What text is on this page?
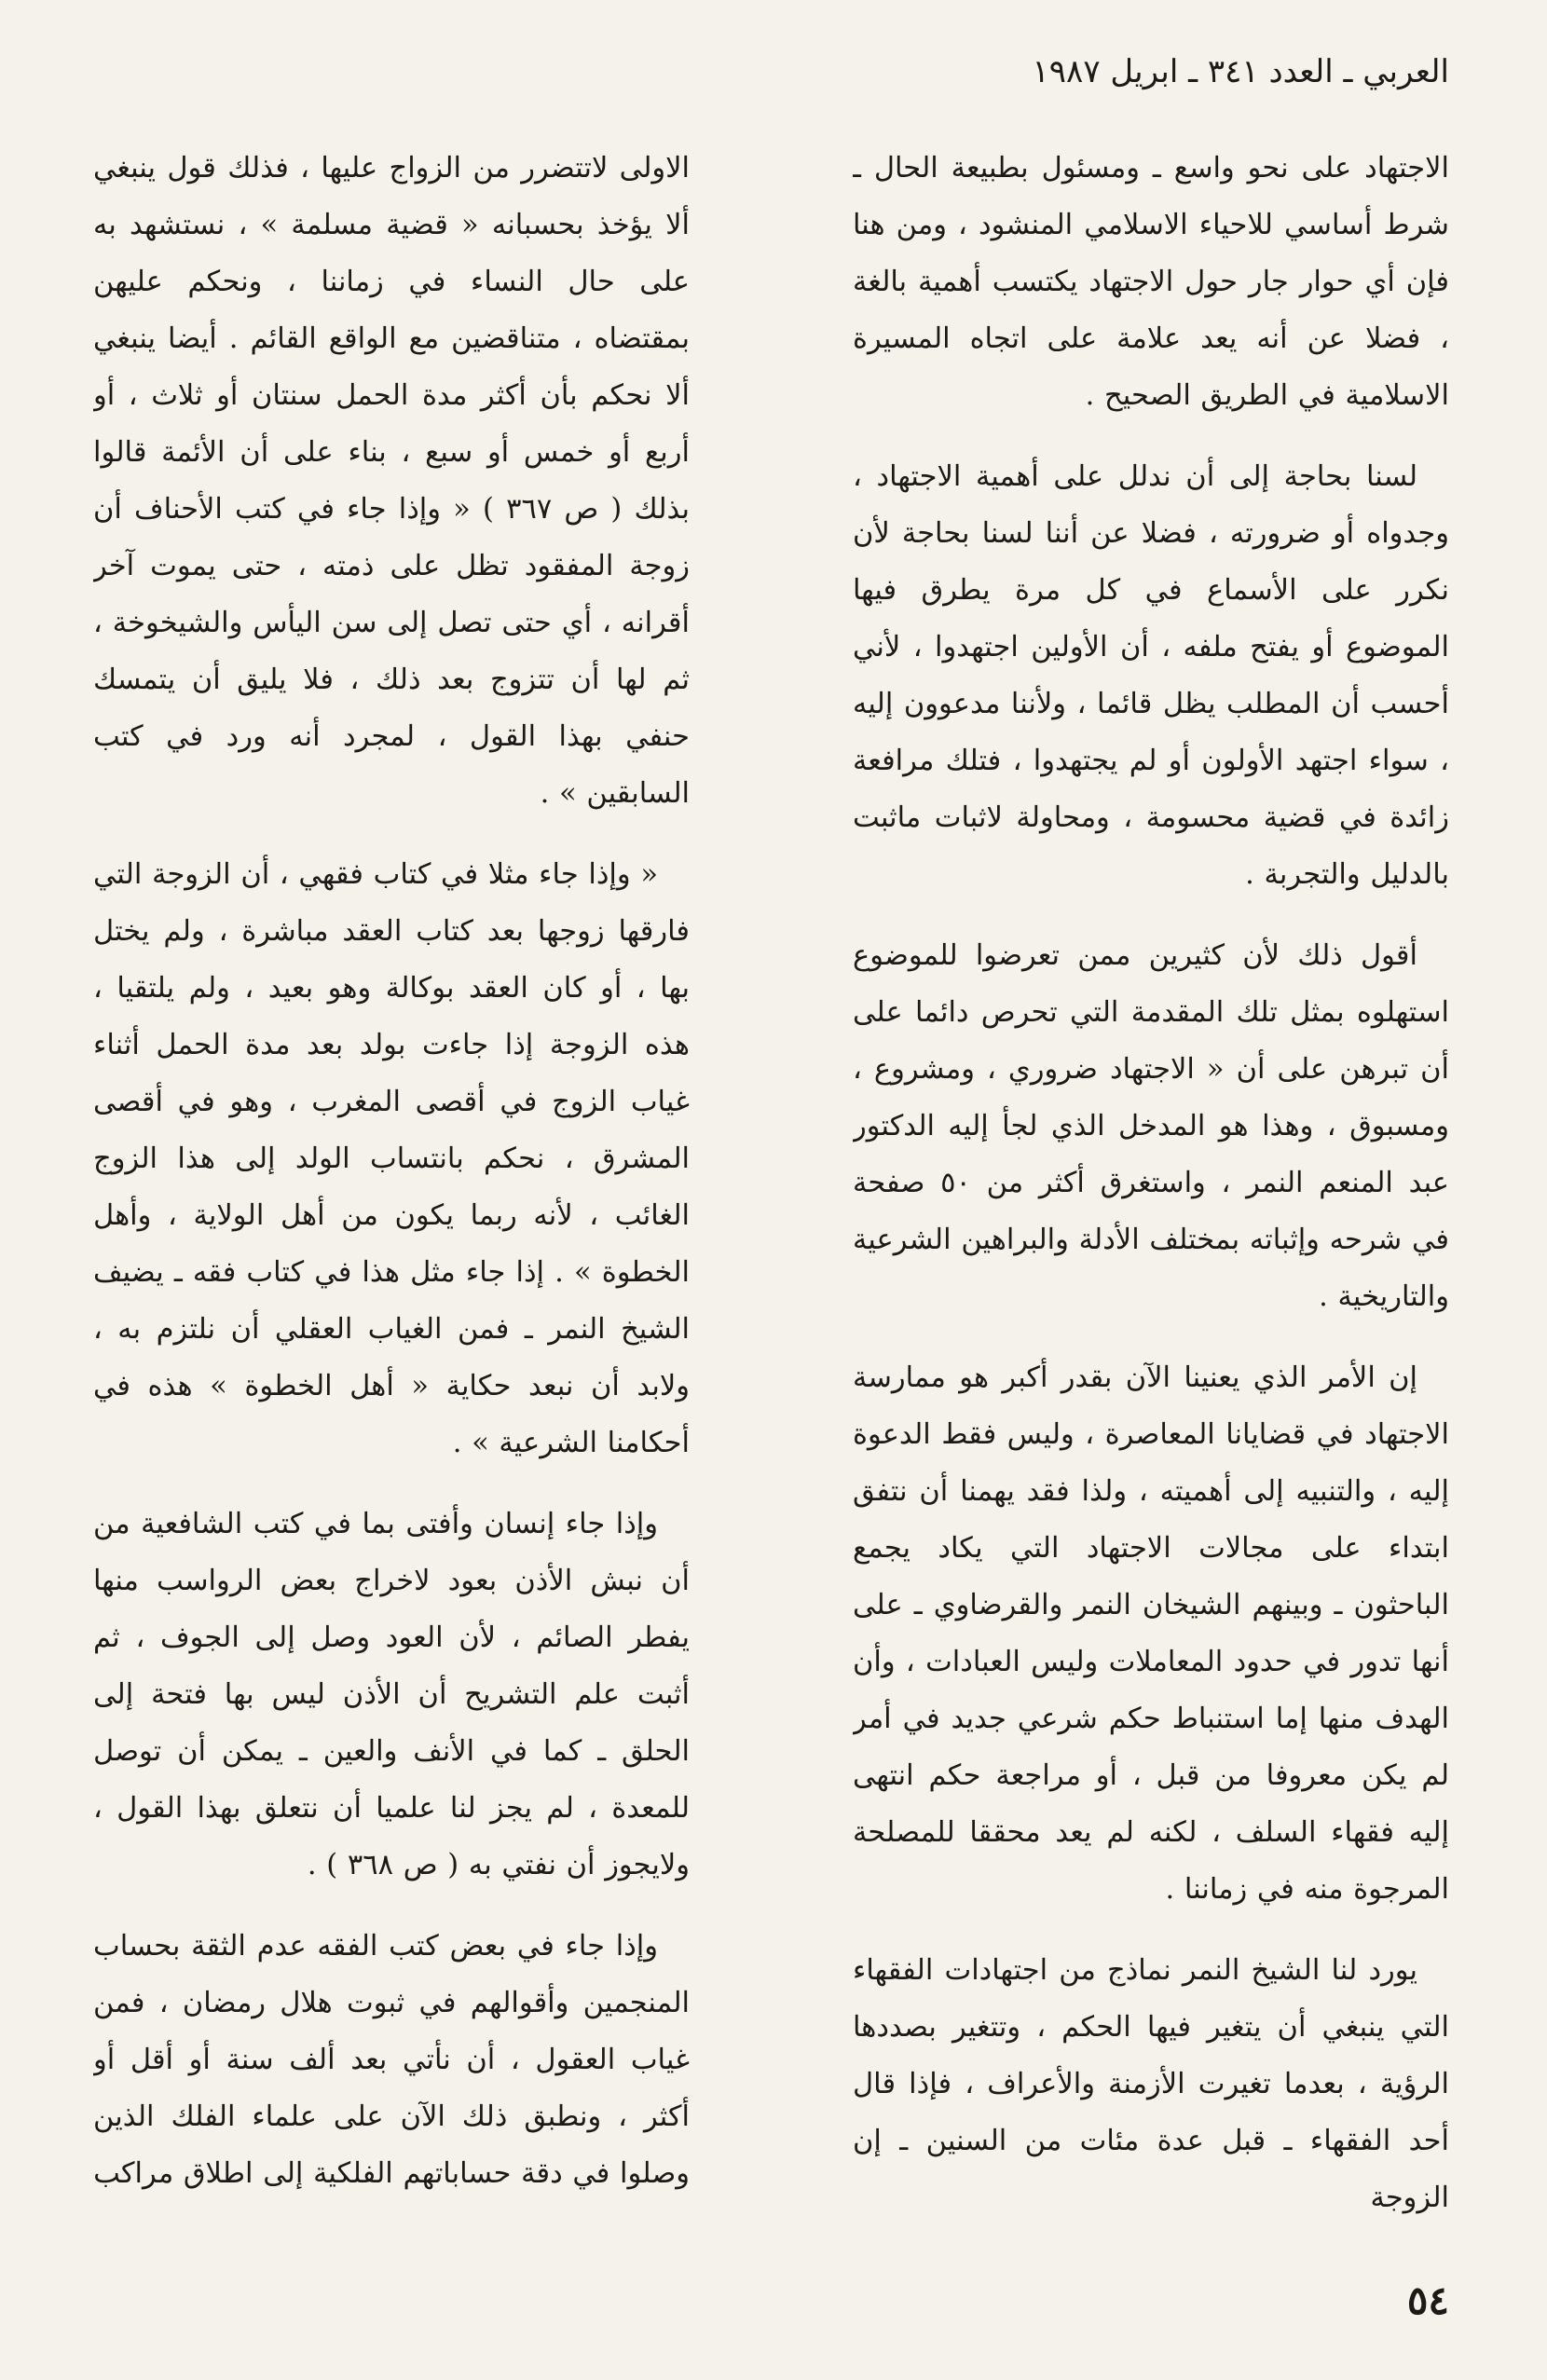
العربي ـ العدد ٣٤١ ـ ابريل ١٩٨٧

الاجتهاد على نحو واسع ـ ومسئول بطبيعة الحال ـ شرط أساسي للاحياء الاسلامي المنشود ، ومن هنا فإن أي حوار جار حول الاجتهاد يكتسب أهمية بالغة ، فضلا عن أنه يعد علامة على اتجاه المسيرة الاسلامية في الطريق الصحيح .

لسنا بحاجة إلى أن ندلل على أهمية الاجتهاد ، وجدواه أو ضرورته ، فضلا عن أننا لسنا بحاجة لأن نكرر على الأسماع في كل مرة يطرق فيها الموضوع أو يفتح ملفه ، أن الأولين اجتهدوا ، لأني أحسب أن المطلب يظل قائما ، ولأننا مدعوون إليه ، سواء اجتهد الأولون أو لم يجتهدوا ، فتلك مرافعة زائدة في قضية محسومة ، ومحاولة لاثبات ماثبت بالدليل والتجربة .

أقول ذلك لأن كثيرين ممن تعرضوا للموضوع استهلوه بمثل تلك المقدمة التي تحرص دائما على أن تبرهن على أن « الاجتهاد ضروري ، ومشروع ، ومسبوق ، وهذا هو المدخل الذي لجأ إليه الدكتور عبد المنعم النمر ، واستغرق أكثر من ٥٠ صفحة في شرحه وإثباته بمختلف الأدلة والبراهين الشرعية والتاريخية .

إن الأمر الذي يعنينا الآن بقدر أكبر هو ممارسة الاجتهاد في قضايانا المعاصرة ، وليس فقط الدعوة إليه ، والتنبيه إلى أهميته ، ولذا فقد يهمنا أن نتفق ابتداء على مجالات الاجتهاد التي يكاد يجمع الباحثون ـ وبينهم الشيخان النمر والقرضاوي ـ على أنها تدور في حدود المعاملات وليس العبادات ، وأن الهدف منها إما استنباط حكم شرعي جديد في أمر لم يكن معروفا من قبل ، أو مراجعة حكم انتهى إليه فقهاء السلف ، لكنه لم يعد محققا للمصلحة المرجوة منه في زماننا .

يورد لنا الشيخ النمر نماذج من اجتهادات الفقهاء التي ينبغي أن يتغير فيها الحكم ، وتتغير بصددها الرؤية ، بعدما تغيرت الأزمنة والأعراف ، فإذا قال أحد الفقهاء ـ قبل عدة مئات من السنين ـ إن الزوجة

الاولى لاتتضرر من الزواج عليها ، فذلك قول ينبغي ألا يؤخذ بحسبانه « قضية مسلمة » ، نستشهد به على حال النساء في زماننا ، ونحكم عليهن بمقتضاه ، متناقضين مع الواقع القائم . أيضا ينبغي ألا نحكم بأن أكثر مدة الحمل سنتان أو ثلاث ، أو أربع أو خمس أو سبع ، بناء على أن الأئمة قالوا بذلك ( ص ٣٦٧ ) « وإذا جاء في كتب الأحناف أن زوجة المفقود تظل على ذمته ، حتى يموت آخر أقرانه ، أي حتى تصل إلى سن اليأس والشيخوخة ، ثم لها أن تتزوج بعد ذلك ، فلا يليق أن يتمسك حنفي بهذا القول ، لمجرد أنه ورد في كتب السابقين » .

« وإذا جاء مثلا في كتاب فقهي ، أن الزوجة التي فارقها زوجها بعد كتاب العقد مباشرة ، ولم يختل بها ، أو كان العقد بوكالة وهو بعيد ، ولم يلتقيا ، هذه الزوجة إذا جاءت بولد بعد مدة الحمل أثناء غياب الزوج في أقصى المغرب ، وهو في أقصى المشرق ، نحكم بانتساب الولد إلى هذا الزوج الغائب ، لأنه ربما يكون من أهل الولاية ، وأهل الخطوة » . إذا جاء مثل هذا في كتاب فقه ـ يضيف الشيخ النمر ـ فمن الغياب العقلي أن نلتزم به ، ولابد أن نبعد حكاية « أهل الخطوة » هذه في أحكامنا الشرعية » .

وإذا جاء إنسان وأفتى بما في كتب الشافعية من أن نبش الأذن بعود لاخراج بعض الرواسب منها يفطر الصائم ، لأن العود وصل إلى الجوف ، ثم أثبت علم التشريح أن الأذن ليس بها فتحة إلى الحلق ـ كما في الأنف والعين ـ يمكن أن توصل للمعدة ، لم يجز لنا علميا أن نتعلق بهذا القول ، ولايجوز أن نفتي به ( ص ٣٦٨ ) .

وإذا جاء في بعض كتب الفقه عدم الثقة بحساب المنجمين وأقوالهم في ثبوت هلال رمضان ، فمن غياب العقول ، أن نأتي بعد ألف سنة أو أقل أو أكثر ، ونطبق ذلك الآن على علماء الفلك الذين وصلوا في دقة حساباتهم الفلكية إلى اطلاق مراكب

٥٤
